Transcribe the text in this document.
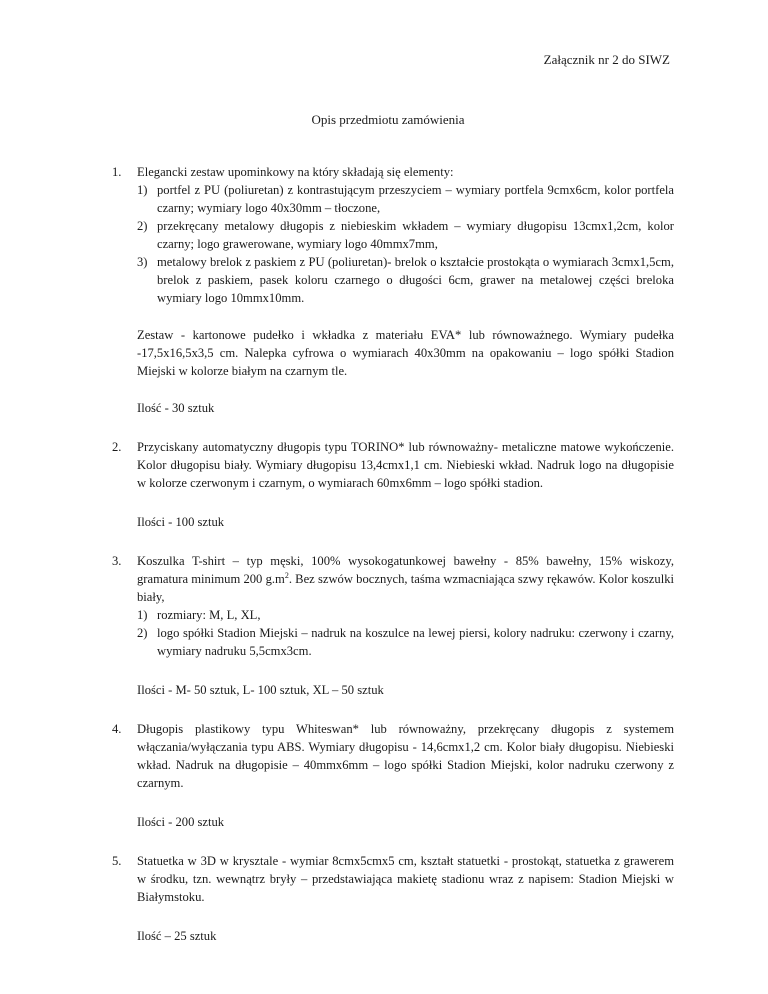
Załącznik nr 2 do SIWZ
Opis przedmiotu zamówienia
1. Elegancki zestaw upominkowy na który składają się elementy:
1) portfel z PU (poliuretan) z kontrastującym przeszyciem – wymiary portfela 9cmx6cm, kolor portfela czarny; wymiary logo 40x30mm – tłoczone,
2) przekręcany metalowy długopis z niebieskim wkładem – wymiary długopisu 13cmx1,2cm, kolor czarny; logo grawerowane, wymiary logo 40mmx7mm,
3) metalowy brelok z paskiem z PU (poliuretan)- brelok o kształcie prostokąta o wymiarach 3cmx1,5cm, brelok z paskiem, pasek koloru czarnego o długości 6cm, grawer na metalowej części breloka wymiary logo 10mmx10mm.
Zestaw - kartonowe pudełko i wkładka z materiału EVA* lub równoważnego. Wymiary pudełka -17,5x16,5x3,5 cm. Nalepka cyfrowa o wymiarach 40x30mm na opakowaniu – logo spółki Stadion Miejski w kolorze białym na czarnym tle.
Ilość - 30 sztuk
2. Przyciskany automatyczny długopis typu TORINO* lub równoważny- metaliczne matowe wykończenie. Kolor długopisu biały. Wymiary długopisu 13,4cmx1,1 cm. Niebieski wkład. Nadruk logo na długopisie w kolorze czerwonym i czarnym, o wymiarach 60mx6mm – logo spółki stadion.
Ilości - 100 sztuk
3. Koszulka T-shirt – typ męski, 100% wysokogatunkowej bawełny - 85% bawełny, 15% wiskozy, gramatura minimum 200 $g.m^2$. Bez szwów bocznych, taśma wzmacniająca szwy rękawów. Kolor koszulki biały,
1) rozmiary: M, L, XL,
2) logo spółki Stadion Miejski – nadruk na koszulce na lewej piersi, kolory nadruku: czerwony i czarny, wymiary nadruku 5,5cmx3cm.
Ilości - M- 50 sztuk, L- 100 sztuk, XL – 50 sztuk
4. Długopis plastikowy typu Whiteswan* lub równoważny, przekręcany długopis z systemem włączania/wyłączania typu ABS. Wymiary długopisu - 14,6cmx1,2 cm. Kolor biały długopisu. Niebieski wkład. Nadruk na długopisie – 40mmx6mm – logo spółki Stadion Miejski, kolor nadruku czerwony z czarnym.
Ilości - 200 sztuk
5. Statuetka w 3D w krysztale - wymiar 8cmx5cmx5 cm, kształt statuetki - prostokąt, statuetka z grawerem w środku, tzn. wewnątrz bryły – przedstawiająca makietę stadionu wraz z napisem: Stadion Miejski w Białymstoku.
Ilość – 25 sztuk
